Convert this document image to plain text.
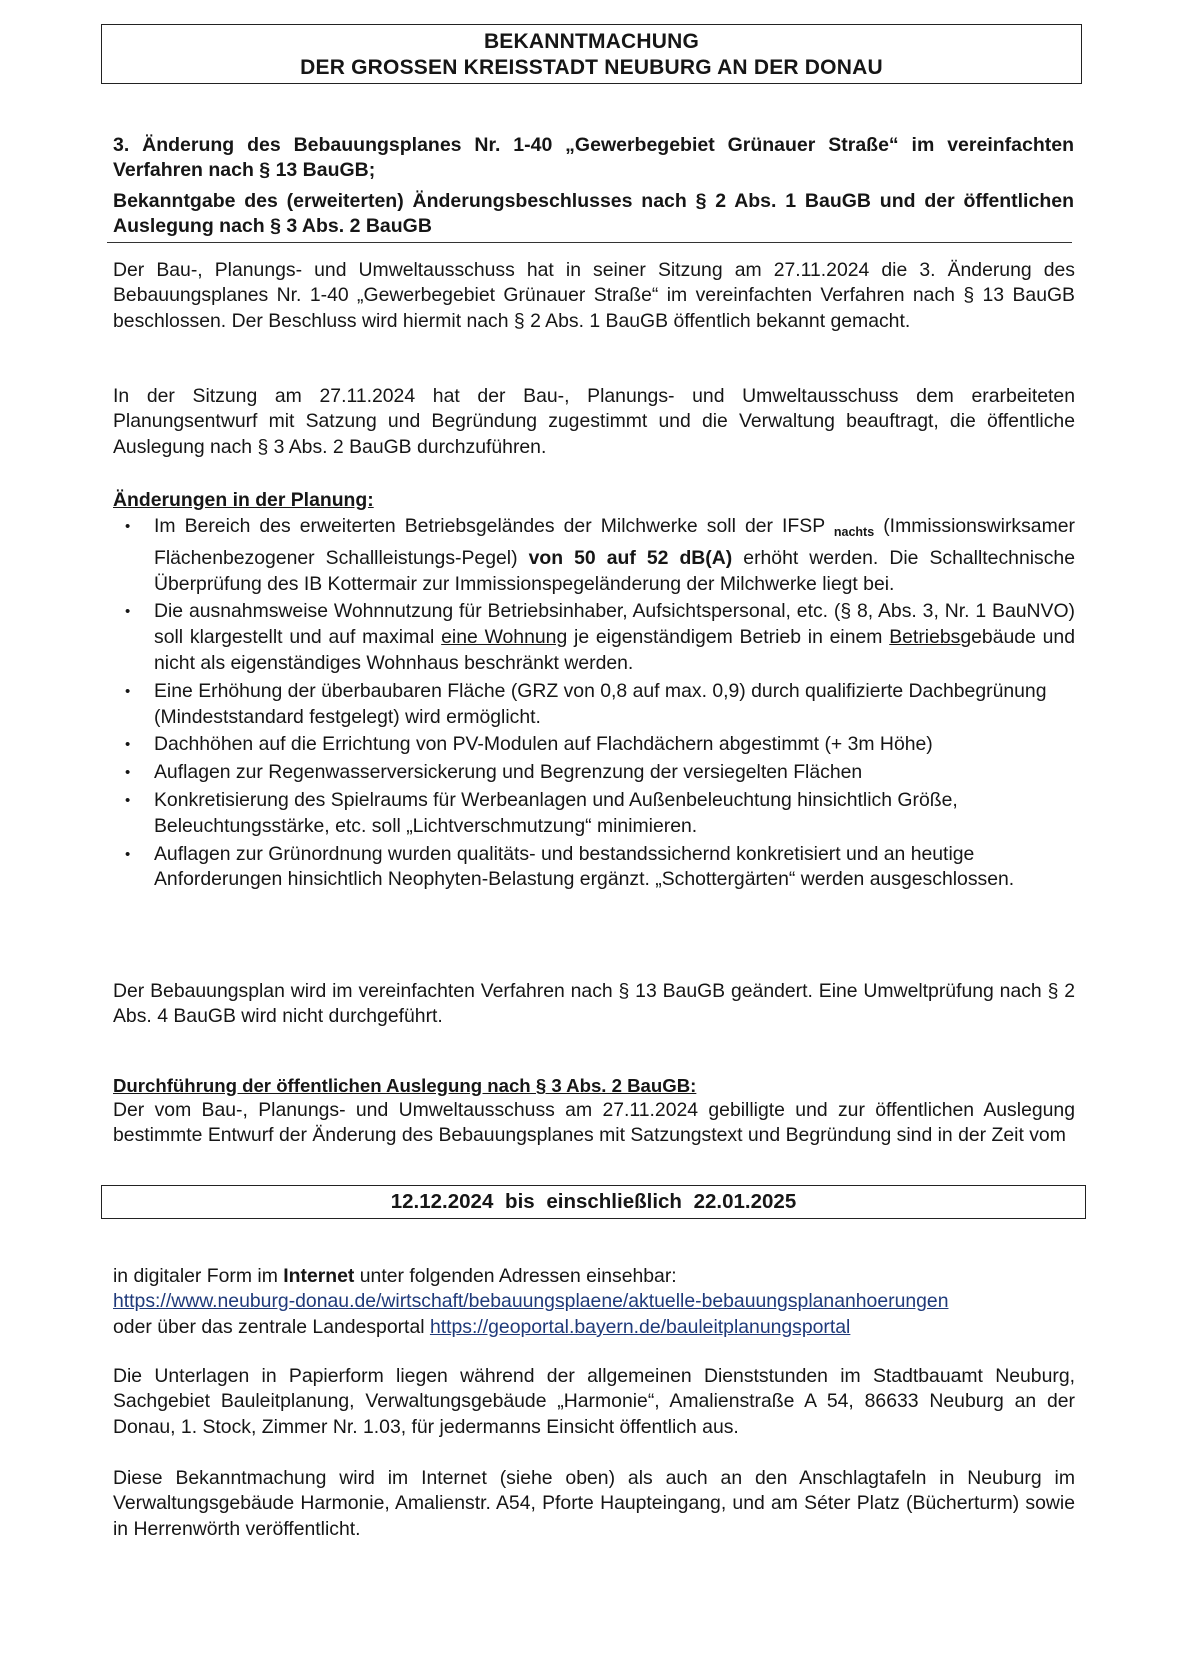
BEKANNTMACHUNG
DER GROSSEN KREISSTADT NEUBURG AN DER DONAU

3. Änderung des Bebauungsplanes Nr. 1-40 „Gewerbegebiet Grünauer Straße“ im vereinfachten Verfahren nach § 13 BauGB;

Bekanntgabe des (erweiterten) Änderungsbeschlusses nach § 2 Abs. 1 BauGB und der öffentlichen Auslegung nach § 3 Abs. 2 BauGB

Der Bau-, Planungs- und Umweltausschuss hat in seiner Sitzung am 27.11.2024 die 3. Änderung des Bebauungsplanes Nr. 1-40 „Gewerbegebiet Grünauer Straße“ im vereinfachten Verfahren nach § 13 BauGB beschlossen. Der Beschluss wird hiermit nach § 2 Abs. 1 BauGB öffentlich bekannt gemacht.

In der Sitzung am 27.11.2024 hat der Bau-, Planungs- und Umweltausschuss dem erarbeiteten Planungsentwurf mit Satzung und Begründung zugestimmt und die Verwaltung beauftragt, die öffentliche Auslegung nach § 3 Abs. 2 BauGB durchzuführen.

Änderungen in der Planung:
• Im Bereich des erweiterten Betriebsgeländes der Milchwerke soll der IFSP $_{nachts}$ (Immissionswirksamer Flächenbezogener Schallleistungs-Pegel) von 50 auf 52 dB(A) erhöht werden. Die Schalltechnische Überprüfung des IB Kottermair zur Immissionspegeländerung der Milchwerke liegt bei.
• Die ausnahmsweise Wohnnutzung für Betriebsinhaber, Aufsichtspersonal, etc. (§ 8, Abs. 3, Nr. 1 BauNVO) soll klargestellt und auf maximal eine Wohnung je eigenständigem Betrieb in einem Betriebsgebäude und nicht als eigenständiges Wohnhaus beschränkt werden.
• Eine Erhöhung der überbaubaren Fläche (GRZ von 0,8 auf max. 0,9) durch qualifizierte Dachbegrünung (Mindeststandard festgelegt) wird ermöglicht.
• Dachhöhen auf die Errichtung von PV-Modulen auf Flachdächern abgestimmt (+ 3m Höhe)
• Auflagen zur Regenwasserversickerung und Begrenzung der versiegelten Flächen
• Konkretisierung des Spielraums für Werbeanlagen und Außenbeleuchtung hinsichtlich Größe, Beleuchtungsstärke, etc. soll „Lichtverschmutzung“ minimieren.
• Auflagen zur Grünordnung wurden qualitäts- und bestandssichernd konkretisiert und an heutige Anforderungen hinsichtlich Neophyten-Belastung ergänzt. „Schottergärten“ werden ausgeschlossen.

Der Bebauungsplan wird im vereinfachten Verfahren nach § 13 BauGB geändert. Eine Umweltprüfung nach § 2 Abs. 4 BauGB wird nicht durchgeführt.

Durchführung der öffentlichen Auslegung nach § 3 Abs. 2 BauGB:

Der vom Bau-, Planungs- und Umweltausschuss am 27.11.2024 gebilligte und zur öffentlichen Auslegung bestimmte Entwurf der Änderung des Bebauungsplanes mit Satzungstext und Begründung sind in der Zeit vom

12.12.2024 bis einschließlich 22.01.2025

in digitaler Form im Internet unter folgenden Adressen einsehbar:

https://www.neuburg-donau.de/wirtschaft/bebauungsplaene/aktuelle-bebauungsplananhoerungen

oder über das zentrale Landesportal https://geoportal.bayern.de/bauleitplanungsportal

Die Unterlagen in Papierform liegen während der allgemeinen Dienststunden im Stadtbauamt Neuburg, Sachgebiet Bauleitplanung, Verwaltungsgebäude „Harmonie“, Amalienstraße A 54, 86633 Neuburg an der Donau, 1. Stock, Zimmer Nr. 1.03, für jedermanns Einsicht öffentlich aus.

Diese Bekanntmachung wird im Internet (siehe oben) als auch an den Anschlagtafeln in Neuburg im Verwaltungsgebäude Harmonie, Amalienstr. A54, Pforte Haupteingang, und am Séter Platz (Bücherturm) sowie in Herrenwörth veröffentlicht.
